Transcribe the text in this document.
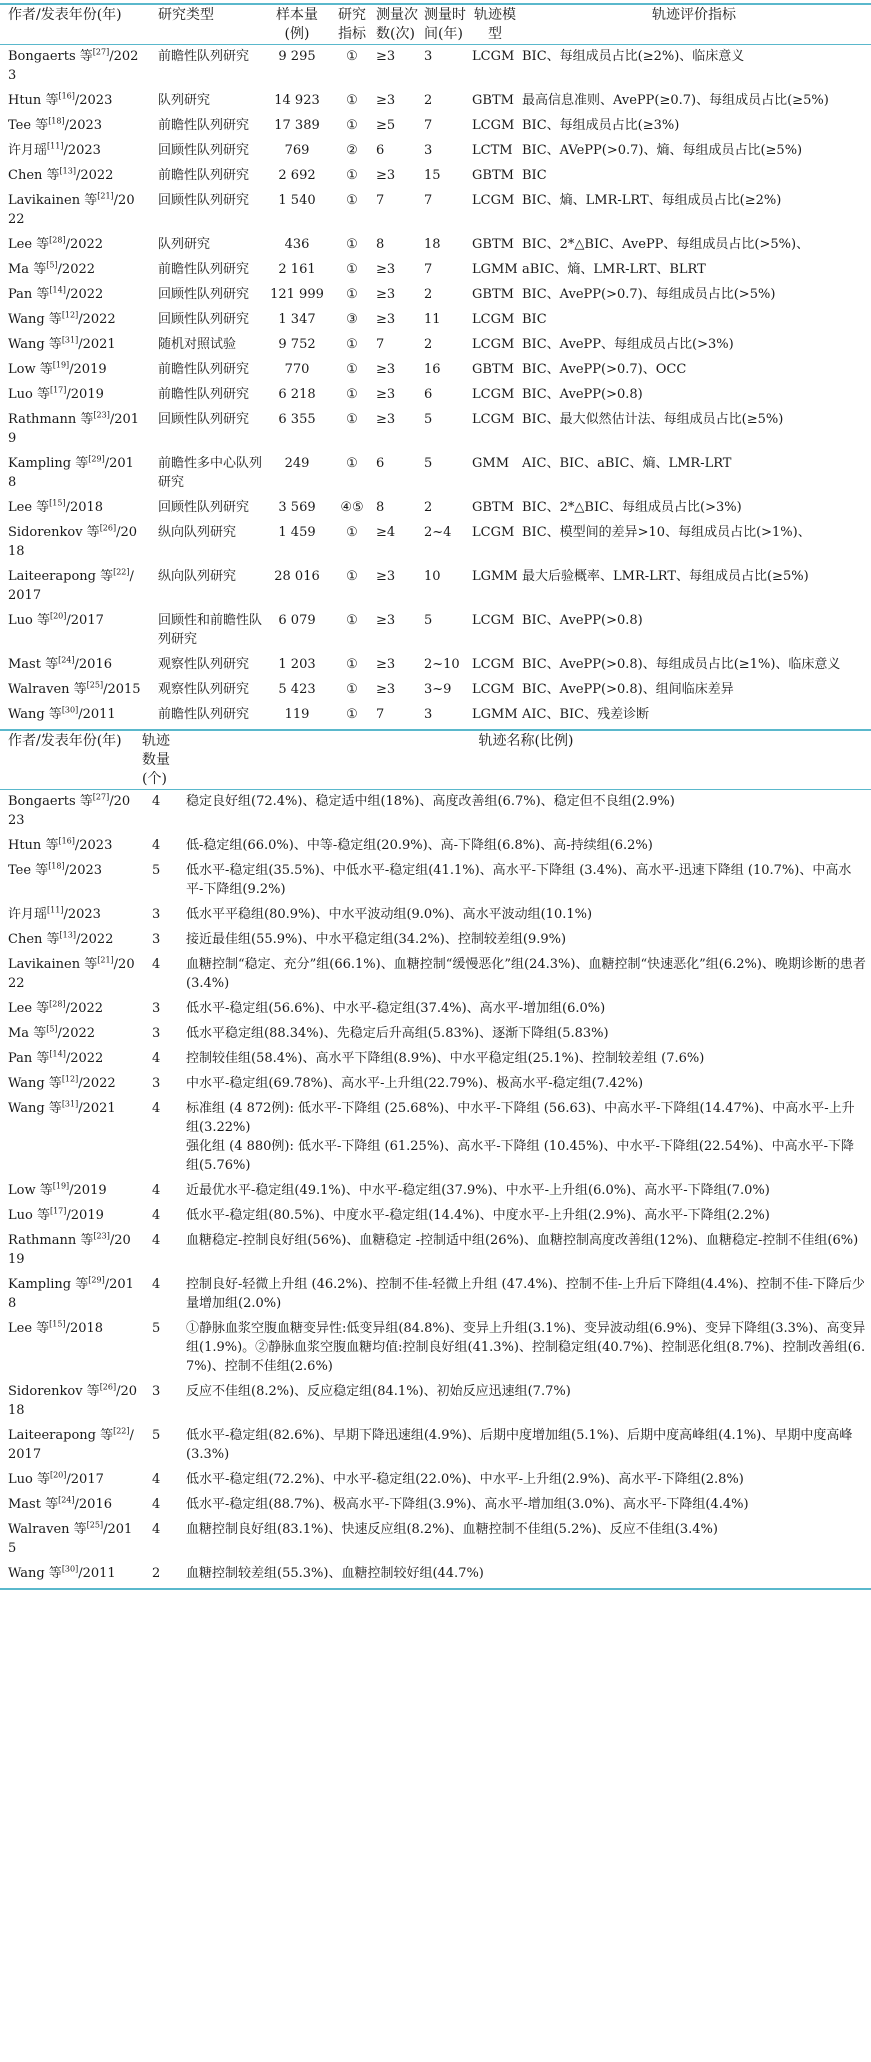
作者/发表年份(年)	研究类型	样本量(例)	研究指标	测量次数(次)	测量时间(年)	轨迹模型	轨迹评价指标
Bongaerts 等[27]/2023	前瞻性队列研究	9 295	①	≥3	3	LCGM	BIC、每组成员占比(≥2%)、临床意义
Htun 等[16]/2023	队列研究	14 923	①	≥3	2	GBTM	最高信息准则、AvePP(≥0.7)、每组成员占比(≥5%)
Tee 等[18]/2023	前瞻性队列研究	17 389	①	≥5	7	LCGM	BIC、每组成员占比(≥3%)
许月瑶[11]/2023	回顾性队列研究	769	②	6	3	LCTM	BIC、AVePP(>0.7)、熵、每组成员占比(≥5%)
Chen 等[13]/2022	前瞻性队列研究	2 692	①	≥3	15	GBTM	BIC
Lavikainen 等[21]/2022	回顾性队列研究	1 540	①	7	7	LCGM	BIC、熵、LMR-LRT、每组成员占比(≥2%)
Lee 等[28]/2022	队列研究	436	①	8	18	GBTM	BIC、2*△BIC、AvePP、每组成员占比(>5%)、
Ma 等[5]/2022	前瞻性队列研究	2 161	①	≥3	7	LGMM	aBIC、熵、LMR-LRT、BLRT
Pan 等[14]/2022	回顾性队列研究	121 999	①	≥3	2	GBTM	BIC、AvePP(>0.7)、每组成员占比(>5%)
Wang 等[12]/2022	回顾性队列研究	1 347	③	≥3	11	LCGM	BIC
Wang 等[31]/2021	随机对照试验	9 752	①	7	2	LCGM	BIC、AvePP、每组成员占比(>3%)
Low 等[19]/2019	前瞻性队列研究	770	①	≥3	16	GBTM	BIC、AvePP(>0.7)、OCC
Luo 等[17]/2019	前瞻性队列研究	6 218	①	≥3	6	LCGM	BIC、AvePP(>0.8)
Rathmann 等[23]/2019	回顾性队列研究	6 355	①	≥3	5	LCGM	BIC、最大似然估计法、每组成员占比(≥5%)
Kampling 等[29]/2018	前瞻性多中心队列研究	249	①	6	5	GMM	AIC、BIC、aBIC、熵、LMR-LRT
Lee 等[15]/2018	回顾性队列研究	3 569	④⑤	8	2	GBTM	BIC、2*△BIC、每组成员占比(>3%)
Sidorenkov 等[26]/2018	纵向队列研究	1 459	①	≥4	2~4	LCGM	BIC、模型间的差异>10、每组成员占比(>1%)、
Laiteerapong 等[22]/2017	纵向队列研究	28 016	①	≥3	10	LGMM	最大后验概率、LMR-LRT、每组成员占比(≥5%)
Luo 等[20]/2017	回顾性和前瞻性队列研究	6 079	①	≥3	5	LCGM	BIC、AvePP(>0.8)
Mast 等[24]/2016	观察性队列研究	1 203	①	≥3	2~10	LCGM	BIC、AvePP(>0.8)、每组成员占比(≥1%)、临床意义
Walraven 等[25]/2015	观察性队列研究	5 423	①	≥3	3~9	LCGM	BIC、AvePP(>0.8)、组间临床差异
Wang 等[30]/2011	前瞻性队列研究	119	①	7	3	LGMM	AIC、BIC、残差诊断
作者/发表年份(年)	轨迹数量(个)	轨迹名称(比例)
Bongaerts 等[27]/2023	4	稳定良好组(72.4%)、稳定适中组(18%)、高度改善组(6.7%)、稳定但不良组(2.9%)

Htun 等[16]/2023	4	低-稳定组(66.0%)、中等-稳定组(20.9%)、高-下降组(6.8%)、高-持续组(6.2%)

Tee 等[18]/2023	5	低水平-稳定组(35.5%)、中低水平-稳定组(41.1%)、高水平-下降组 (3.4%)、高水平-迅速下降组 (10.7%)、中高水平-下降组(9.2%)

许月瑶[11]/2023	3	低水平平稳组(80.9%)、中水平波动组(9.0%)、高水平波动组(10.1%)

Chen 等[13]/2022	3	接近最佳组(55.9%)、中水平稳定组(34.2%)、控制较差组(9.9%)

Lavikainen 等[21]/2022	4	血糖控制“稳定、充分”组(66.1%)、血糖控制“缓慢恶化”组(24.3%)、血糖控制“快速恶化”组(6.2%)、晚期诊断的患者(3.4%)

Lee 等[28]/2022	3	低水平-稳定组(56.6%)、中水平-稳定组(37.4%)、高水平-增加组(6.0%)

Ma 等[5]/2022	3	低水平稳定组(88.34%)、先稳定后升高组(5.83%)、逐渐下降组(5.83%)

Pan 等[14]/2022	4	控制较佳组(58.4%)、高水平下降组(8.9%)、中水平稳定组(25.1%)、控制较差组 (7.6%)

Wang 等[12]/2022	3	中水平-稳定组(69.78%)、高水平-上升组(22.79%)、极高水平-稳定组(7.42%)

Wang 等[31]/2021	4	标准组 (4 872例): 低水平-下降组 (25.68%)、中水平-下降组 (56.63)、中高水平-下降组(14.47%)、中高水平-上升组(3.22%)
强化组 (4 880例): 低水平-下降组 (61.25%)、高水平-下降组 (10.45%)、中水平-下降组(22.54%)、中高水平-下降组(5.76%)

Low 等[19]/2019	4	近最优水平-稳定组(49.1%)、中水平-稳定组(37.9%)、中水平-上升组(6.0%)、高水平-下降组(7.0%)

Luo 等[17]/2019	4	低水平-稳定组(80.5%)、中度水平-稳定组(14.4%)、中度水平-上升组(2.9%)、高水平-下降组(2.2%)

Rathmann 等[23]/2019	4	血糖稳定-控制良好组(56%)、血糖稳定 -控制适中组(26%)、血糖控制高度改善组(12%)、血糖稳定-控制不佳组(6%)

Kampling 等[29]/2018	4	控制良好-轻微上升组 (46.2%)、控制不佳-轻微上升组 (47.4%)、控制不佳-上升后下降组(4.4%)、控制不佳-下降后少量增加组(2.0%)

Lee 等[15]/2018	5	①静脉血浆空腹血糖变异性:低变异组(84.8%)、变异上升组(3.1%)、变异波动组(6.9%)、变异下降组(3.3%)、高变异组(1.9%)。②静脉血浆空腹血糖均值:控制良好组(41.3%)、控制稳定组(40.7%)、控制恶化组(8.7%)、控制改善组(6.7%)、控制不佳组(2.6%)

Sidorenkov 等[26]/2018	3	反应不佳组(8.2%)、反应稳定组(84.1%)、初始反应迅速组(7.7%)

Laiteerapong 等[22]/2017	5	低水平-稳定组(82.6%)、早期下降迅速组(4.9%)、后期中度增加组(5.1%)、后期中度高峰组(4.1%)、早期中度高峰(3.3%)

Luo 等[20]/2017	4	低水平-稳定组(72.2%)、中水平-稳定组(22.0%)、中水平-上升组(2.9%)、高水平-下降组(2.8%)

Mast 等[24]/2016	4	低水平-稳定组(88.7%)、极高水平-下降组(3.9%)、高水平-增加组(3.0%)、高水平-下降组(4.4%)

Walraven 等[25]/2015	4	血糖控制良好组(83.1%)、快速反应组(8.2%)、血糖控制不佳组(5.2%)、反应不佳组(3.4%)

Wang 等[30]/2011	2	血糖控制较差组(55.3%)、血糖控制较好组(44.7%)
